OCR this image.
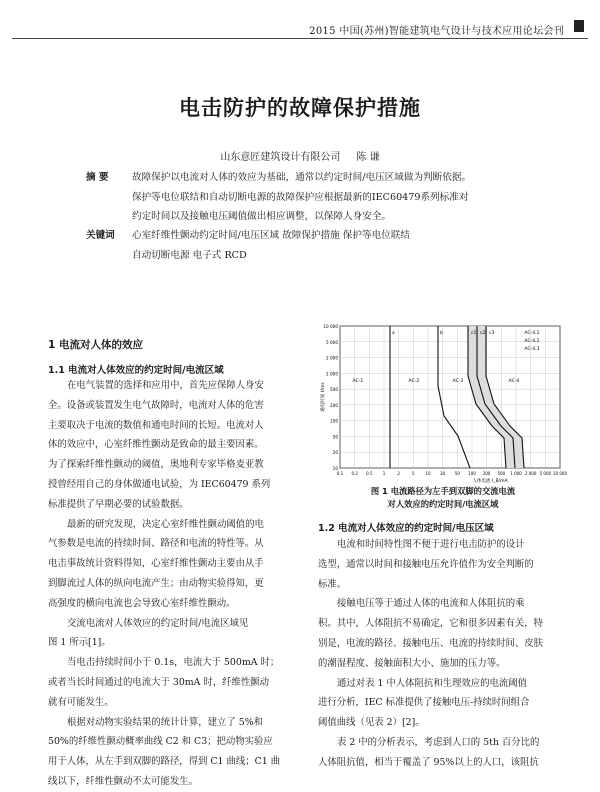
2015 中国(苏州)智能建筑电气设计与技术应用论坛会刊
电击防护的故障保护措施
山东意匠建筑设计有限公司 陈 谦
摘 要 故障保护以电流对人体的效应为基础，通常以约定时间/电压区域做为判断依据。
保护等电位联结和自动切断电源的故障保护应根据最新的IEC60479系列标准对
约定时间以及接触电压阈值做出相应调整，以保障人身安全。
关键词 心室纤维性颤动约定时间/电压区域 故障保护措施 保护等电位联结
自动切断电源 电子式 RCD
1 电流对人体的效应
1.1 电流对人体效应的约定时间/电流区域
在电气装置的选择和应用中，首先应保障人身安
全。设备或装置发生电气故障时，电流对人体的危害
主要取决于电流的数值和通电时间的长短。电流对人
体的效应中，心室纤维性颤动是致命的最主要因素。
为了探索纤维性颤动的阈值，奥地利专家毕格麦亚教
授曾经用自己的身体做通电试验，为 IEC60479 系列
标准提供了早期必要的试验数据。
最新的研究发现，决定心室纤维性颤动阈值的电
气参数是电流的持续时间、路径和电流的特性等。从
电击事故统计资料得知，心室纤维性颤动主要由从手
到脚流过人体的纵向电流产生；由动物实验得知，更
高强度的横向电流也会导致心室纤维性颤动。
交流电流对人体效应的约定时间/电流区域见
图 1 所示[1]。
当电击持续时间小于 0.1s，电流大于 500mA 时；
或者当长时间通过的电流大于 30mA 时，纤维性颤动
就有可能发生。
根据对动物实验结果的统计计算，建立了 5%和
50%的纤维性颤动概率曲线 C2 和 C3；把动物实验应
用于人体，从左手到双脚的路径，得到 C1 曲线；C1 曲
线以下，纤维性颤动不太可能发生。
10 000
5 000
2 000
1 000
500
200
100
50
20
10
0.1 0.2 0.5	1	2	5	10 20 50 100 200 500 1 000 2 000 5 000 10 000
AC-1	AC-2	AC-3	AC-4
AC-4.1
AC-4.2
AC-4.3
a	b	c1 c2 c3
通电时间 t/ms
人体电流 I_B/mA
图 1 电流路径为左手到双脚的交流电流
对人效应的约定时间/电流区域
1.2 电流对人体效应的约定时间/电压区域
电流和时间特性图不便于进行电击防护的设计
选型，通常以时间和接触电压允许值作为安全判断的
标准。
接触电压等于通过人体的电流和人体阻抗的乘
积。其中，人体阻抗不易确定，它和很多因素有关，特
别是，电流的路径、接触电压、电流的持续时间、皮肤
的潮湿程度、接触面积大小、施加的压力等。
通过对表 1 中人体阻抗和生理效应的电流阈值
进行分析，IEC 标准提供了接触电压-持续时间组合
阈值曲线（见表 2）[2]。
表 2 中的分析表示，考虑到人口的 5th 百分比的
人体阻抗值，相当于覆盖了 95%以上的人口，该阻抗
